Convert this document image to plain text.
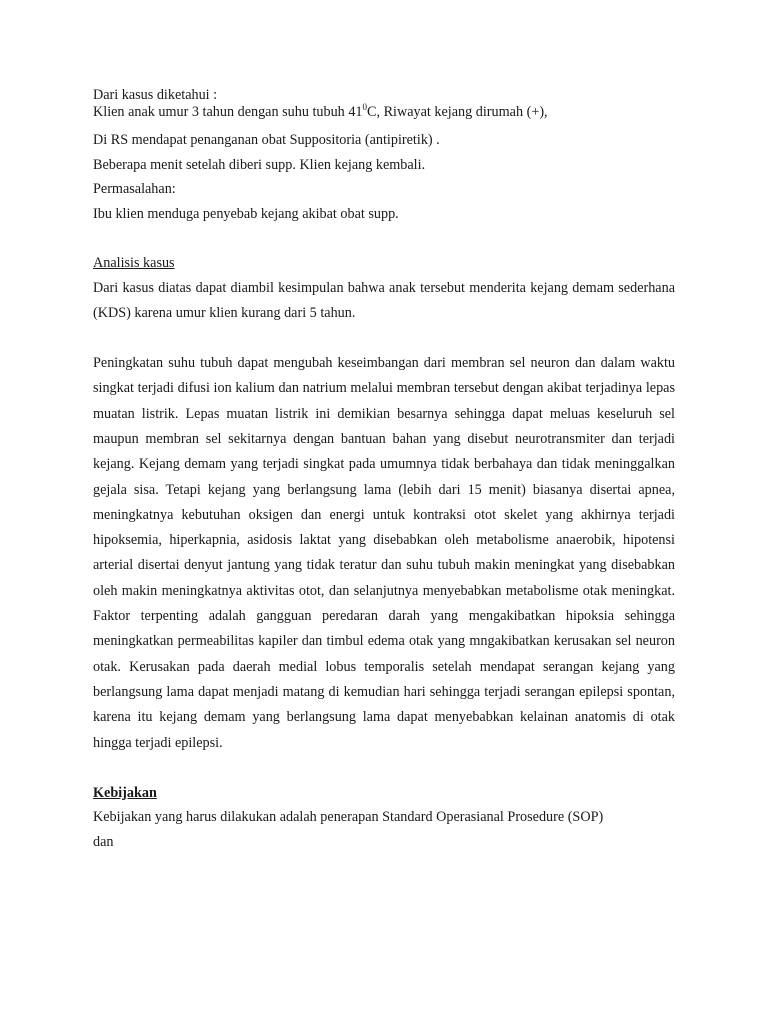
Dari kasus diketahui :
Klien anak umur 3 tahun dengan suhu tubuh $41^0C$, Riwayat kejang dirumah (+),
Di RS mendapat penanganan obat Suppositoria (antipiretik) .
Beberapa menit setelah diberi supp. Klien kejang kembali.
Permasalahan:
Ibu klien menduga penyebab kejang akibat obat supp.
Analisis kasus

Dari kasus diatas dapat diambil kesimpulan bahwa anak tersebut menderita kejang demam sederhana (KDS) karena umur klien kurang dari 5 tahun.

Peningkatan suhu tubuh dapat mengubah keseimbangan dari membran sel neuron dan dalam waktu singkat terjadi difusi ion kalium dan natrium melalui membran tersebut dengan akibat terjadinya lepas muatan listrik. Lepas muatan listrik ini demikian besarnya sehingga dapat meluas keseluruh sel maupun membran sel sekitarnya dengan bantuan bahan yang disebut neurotransmiter dan terjadi kejang. Kejang demam yang terjadi singkat pada umumnya tidak berbahaya dan tidak meninggalkan gejala sisa. Tetapi kejang yang berlangsung lama (lebih dari 15 menit) biasanya disertai apnea, meningkatnya kebutuhan oksigen dan energi untuk kontraksi otot skelet yang akhirnya terjadi hipoksemia, hiperkapnia, asidosis laktat yang disebabkan oleh metabolisme anaerobik, hipotensi arterial disertai denyut jantung yang tidak teratur dan suhu tubuh makin meningkat yang disebabkan oleh makin meningkatnya aktivitas otot, dan selanjutnya menyebabkan metabolisme otak meningkat. Faktor terpenting adalah gangguan peredaran darah yang mengakibatkan hipoksia sehingga meningkatkan permeabilitas kapiler dan timbul edema otak yang mngakibatkan kerusakan sel neuron otak. Kerusakan pada daerah medial lobus temporalis setelah mendapat serangan kejang yang berlangsung lama dapat menjadi matang di kemudian hari sehingga terjadi serangan epilepsi spontan, karena itu kejang demam yang berlangsung lama dapat menyebabkan kelainan anatomis di otak hingga terjadi epilepsi.

Kebijakan
Kebijakan yang harus dilakukan adalah penerapan Standard Operasianal Prosedure (SOP)
dan
